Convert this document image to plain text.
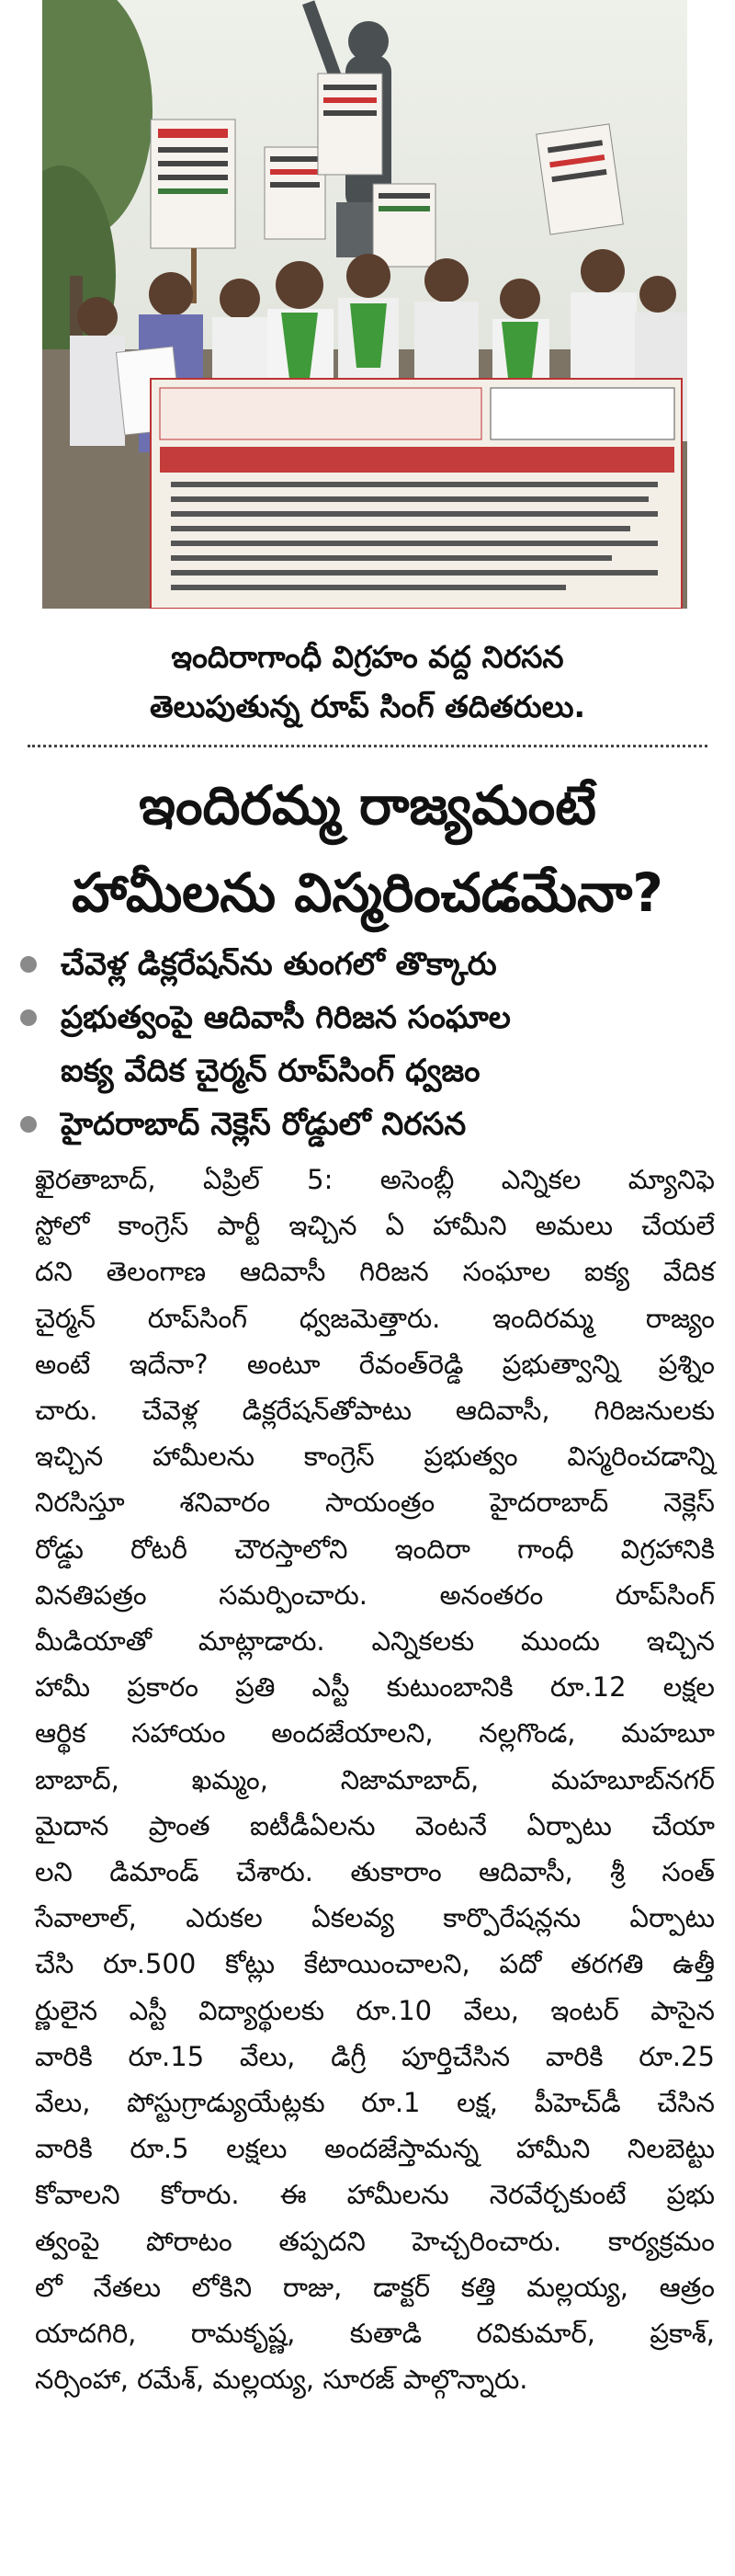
ఇందిరాగాంధీ విగ్రహం వద్ద నిరసన
తెలుపుతున్న రూప్ సింగ్ తదితరులు.
ఇందిరమ్మ రాజ్యమంటే
హామీలను విస్మరించడమేనా?
చేవెళ్ల డిక్లరేషన్‌ను తుంగలో తొక్కారు
ప్రభుత్వంపై ఆదివాసీ గిరిజన సంఘాల
ఐక్య వేదిక చైర్మన్ రూప్‌సింగ్ ధ్వజం
హైదరాబాద్ నెక్లెస్ రోడ్డులో నిరసన
ఖైరతాబాద్, ఏప్రిల్ 5: అసెంబ్లీ ఎన్నికల మ్యానిఫె
స్టోలో కాంగ్రెస్ పార్టీ ఇచ్చిన ఏ హామీని అమలు చేయలే
దని తెలంగాణ ఆదివాసీ గిరిజన సంఘాల ఐక్య వేదిక
చైర్మన్ రూప్‌సింగ్ ధ్వజమెత్తారు. ఇందిరమ్మ రాజ్యం
అంటే ఇదేనా? అంటూ రేవంత్‌రెడ్డి ప్రభుత్వాన్ని ప్రశ్నిం
చారు. చేవెళ్ల డిక్లరేషన్‌తోపాటు ఆదివాసీ, గిరిజనులకు
ఇచ్చిన హామీలను కాంగ్రెస్ ప్రభుత్వం విస్మరించడాన్ని
నిరసిస్తూ శనివారం సాయంత్రం హైదరాబాద్ నెక్లెస్
రోడ్డు రోటరీ చౌరస్తాలోని ఇందిరా గాంధీ విగ్రహానికి
వినతిపత్రం సమర్పించారు. అనంతరం రూప్‌సింగ్
మీడియాతో మాట్లాడారు. ఎన్నికలకు ముందు ఇచ్చిన
హామీ ప్రకారం ప్రతి ఎస్టీ కుటుంబానికి రూ.12 లక్షల
ఆర్థిక సహాయం అందజేయాలని, నల్లగొండ, మహబూ
బాబాద్, ఖమ్మం, నిజామాబాద్, మహబూబ్‌నగర్
మైదాన ప్రాంత ఐటీడీఏలను వెంటనే ఏర్పాటు చేయా
లని డిమాండ్ చేశారు. తుకారాం ఆదివాసీ, శ్రీ సంత్
సేవాలాల్, ఎరుకల ఏకలవ్య కార్పొరేషన్లను ఏర్పాటు
చేసి రూ.500 కోట్లు కేటాయించాలని, పదో తరగతి ఉత్తీ
ర్ణులైన ఎస్టీ విద్యార్థులకు రూ.10 వేలు, ఇంటర్ పాసైన
వారికి రూ.15 వేలు, డిగ్రీ పూర్తిచేసిన వారికి రూ.25
వేలు, పోస్టుగ్రాడ్యుయేట్లకు రూ.1 లక్ష, పీహెచ్‌డీ చేసిన
వారికి రూ.5 లక్షలు అందజేస్తామన్న హామీని నిలబెట్టు
కోవాలని కోరారు. ఈ హామీలను నెరవేర్చకుంటే ప్రభు
త్వంపై పోరాటం తప్పదని హెచ్చరించారు. కార్యక్రమం
లో నేతలు లోకిని రాజు, డాక్టర్ కత్తి మల్లయ్య, ఆత్రం
యాదగిరి, రామకృష్ణ, కుతాడి రవికుమార్, ప్రకాశ్,
నర్సింహా, రమేశ్, మల్లయ్య, సూరజ్ పాల్గొన్నారు.
